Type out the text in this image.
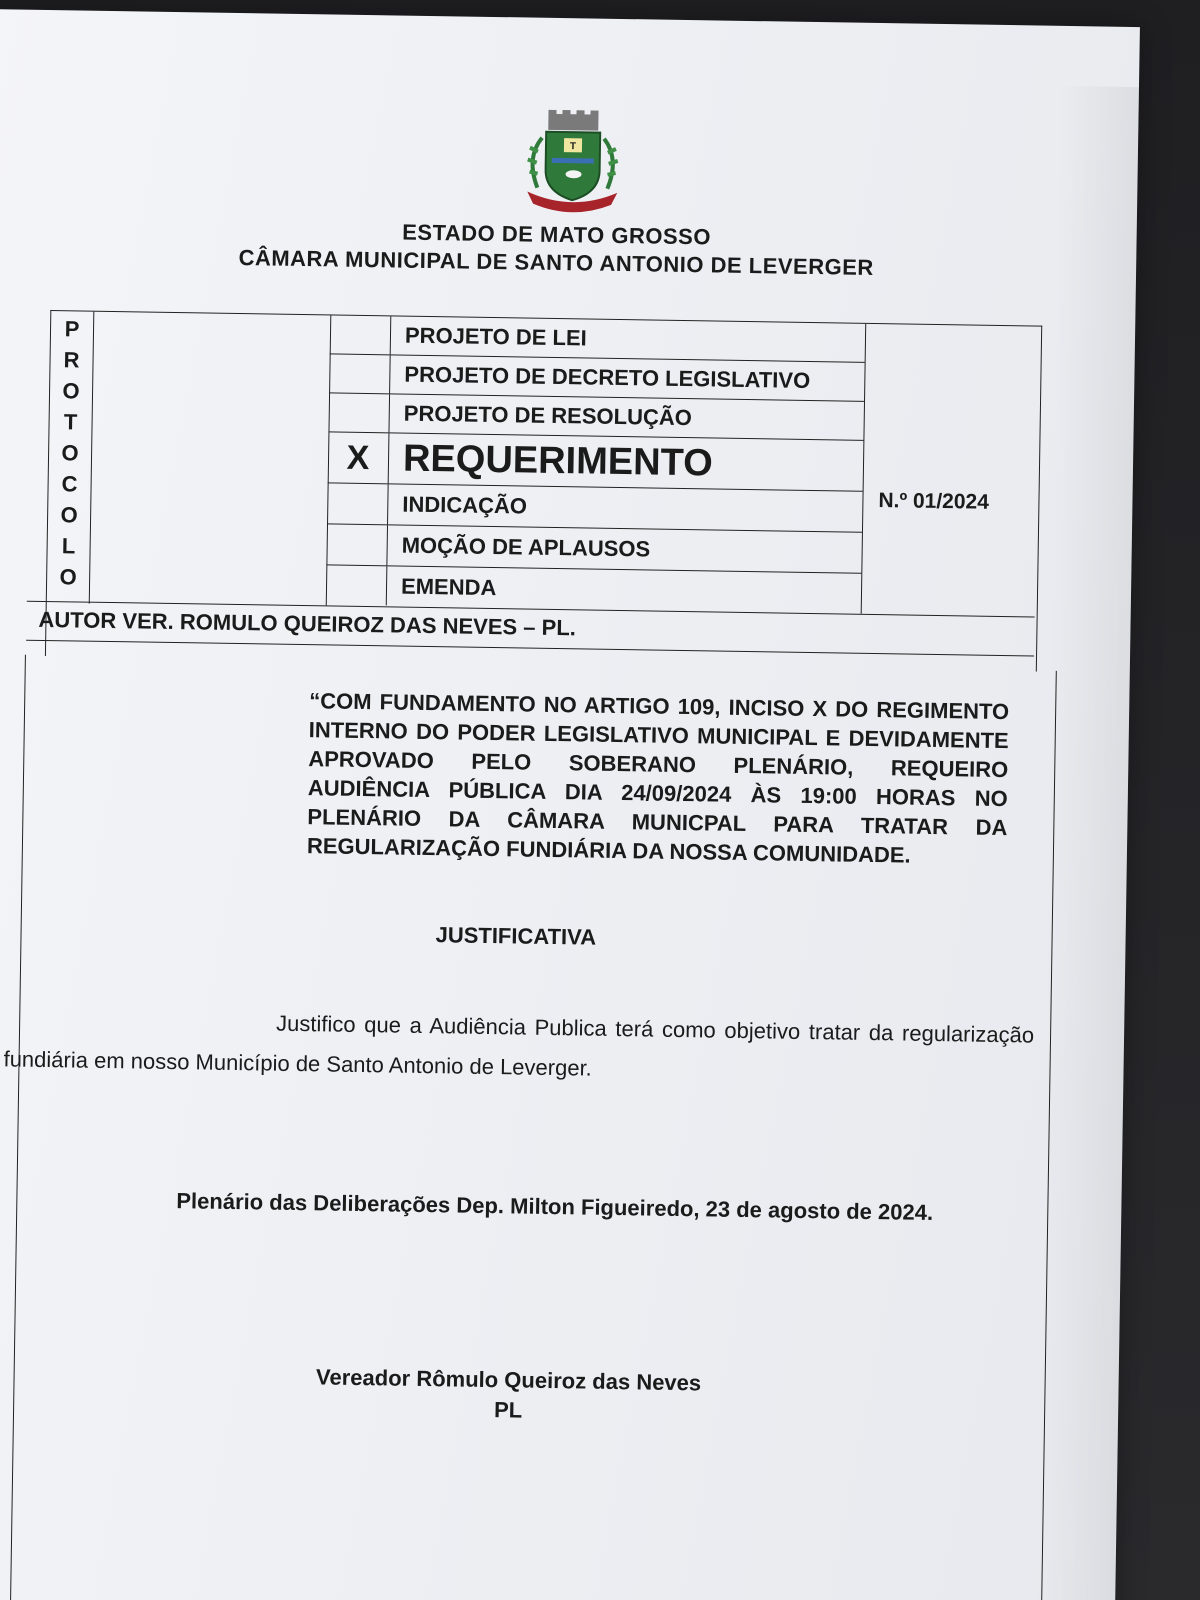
T
ESTADO DE MATO GROSSO
CÂMARA MUNICIPAL DE SANTO ANTONIO DE LEVERGER
P
R
O
T
O
C
O
L
O
PROJETO DE LEI
PROJETO DE DECRETO LEGISLATIVO
PROJETO DE RESOLUÇÃO
X REQUERIMENTO
INDICAÇÃO
MOÇÃO DE APLAUSOS
EMENDA
N.º 01/2024
AUTOR VER. ROMULO QUEIROZ DAS NEVES – PL.
“COM FUNDAMENTO NO ARTIGO 109, INCISO X DO REGIMENTO INTERNO DO PODER LEGISLATIVO MUNICIPAL E DEVIDAMENTE APROVADO PELO SOBERANO PLENÁRIO, REQUEIRO AUDIÊNCIA PÚBLICA DIA 24/09/2024 ÀS 19:00 HORAS NO PLENÁRIO DA CÂMARA MUNICPAL PARA TRATAR DA REGULARIZAÇÃO FUNDIÁRIA DA NOSSA COMUNIDADE.
JUSTIFICATIVA
Justifico que a Audiência Publica terá como objetivo tratar da regularização fundiária em nosso Município de Santo Antonio de Leverger.
Plenário das Deliberações Dep. Milton Figueiredo, 23 de agosto de 2024.
Vereador Rômulo Queiroz das Neves
PL
